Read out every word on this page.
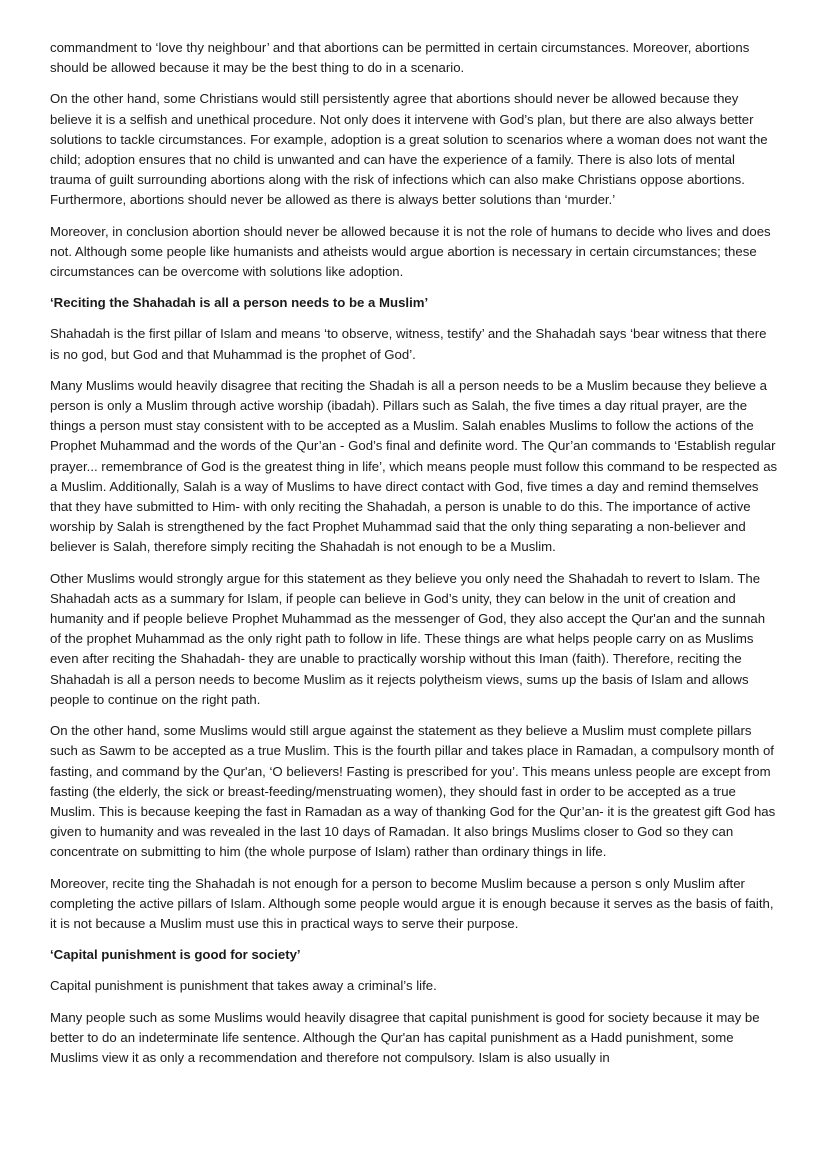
commandment to ‘love thy neighbour’ and that abortions can be permitted in certain circumstances. Moreover, abortions should be allowed because it may be the best thing to do in a scenario.

On the other hand, some Christians would still persistently agree that abortions should never be allowed because they believe it is a selfish and unethical procedure. Not only does it intervene with God’s plan, but there are also always better solutions to tackle circumstances. For example, adoption is a great solution to scenarios where a woman does not want the child; adoption ensures that no child is unwanted and can have the experience of a family. There is also lots of mental trauma of guilt surrounding abortions along with the risk of infections which can also make Christians oppose abortions. Furthermore, abortions should never be allowed as there is always better solutions than ‘murder.’

Moreover, in conclusion abortion should never be allowed because it is not the role of humans to decide who lives and does not. Although some people like humanists and atheists would argue abortion is necessary in certain circumstances; these circumstances can be overcome with solutions like adoption.

‘Reciting the Shahadah is all a person needs to be a Muslim’

Shahadah is the first pillar of Islam and means ‘to observe, witness, testify’ and the Shahadah says ‘bear witness that there is no god, but God and that Muhammad is the prophet of God’.

Many Muslims would heavily disagree that reciting the Shadah is all a person needs to be a Muslim because they believe a person is only a Muslim through active worship (ibadah). Pillars such as Salah, the five times a day ritual prayer, are the things a person must stay consistent with to be accepted as a Muslim. Salah enables Muslims to follow the actions of the Prophet Muhammad and the words of the Qur’an - God’s final and definite word. The Qur’an commands to ‘Establish regular prayer... remembrance of God is the greatest thing in life’, which means people must follow this command to be respected as a Muslim. Additionally, Salah is a way of Muslims to have direct contact with God, five times a day and remind themselves that they have submitted to Him- with only reciting the Shahadah, a person is unable to do this. The importance of active worship by Salah is strengthened by the fact Prophet Muhammad said that the only thing separating a non-believer and believer is Salah, therefore simply reciting the Shahadah is not enough to be a Muslim.

Other Muslims would strongly argue for this statement as they believe you only need the Shahadah to revert to Islam. The Shahadah acts as a summary for Islam, if people can believe in God’s unity, they can below in the unit of creation and humanity and if people believe Prophet Muhammad as the messenger of God, they also accept the Qur'an and the sunnah of the prophet Muhammad as the only right path to follow in life. These things are what helps people carry on as Muslims even after reciting the Shahadah- they are unable to practically worship without this Iman (faith). Therefore, reciting the Shahadah is all a person needs to become Muslim as it rejects polytheism views, sums up the basis of Islam and allows people to continue on the right path.

On the other hand, some Muslims would still argue against the statement as they believe a Muslim must complete pillars such as Sawm to be accepted as a true Muslim. This is the fourth pillar and takes place in Ramadan, a compulsory month of fasting, and command by the Qur'an, ‘O believers! Fasting is prescribed for you’. This means unless people are except from fasting (the elderly, the sick or breast-feeding/menstruating women), they should fast in order to be accepted as a true Muslim. This is because keeping the fast in Ramadan as a way of thanking God for the Qur’an- it is the greatest gift God has given to humanity and was revealed in the last 10 days of Ramadan. It also brings Muslims closer to God so they can concentrate on submitting to him (the whole purpose of Islam) rather than ordinary things in life.

Moreover, recite ting the Shahadah is not enough for a person to become Muslim because a person s only Muslim after completing the active pillars of Islam. Although some people would argue it is enough because it serves as the basis of faith, it is not because a Muslim must use this in practical ways to serve their purpose.

‘Capital punishment is good for society’

Capital punishment is punishment that takes away a criminal’s life.

Many people such as some Muslims would heavily disagree that capital punishment is good for society because it may be better to do an indeterminate life sentence. Although the Qur'an has capital punishment as a Hadd punishment, some Muslims view it as only a recommendation and therefore not compulsory. Islam is also usually in
